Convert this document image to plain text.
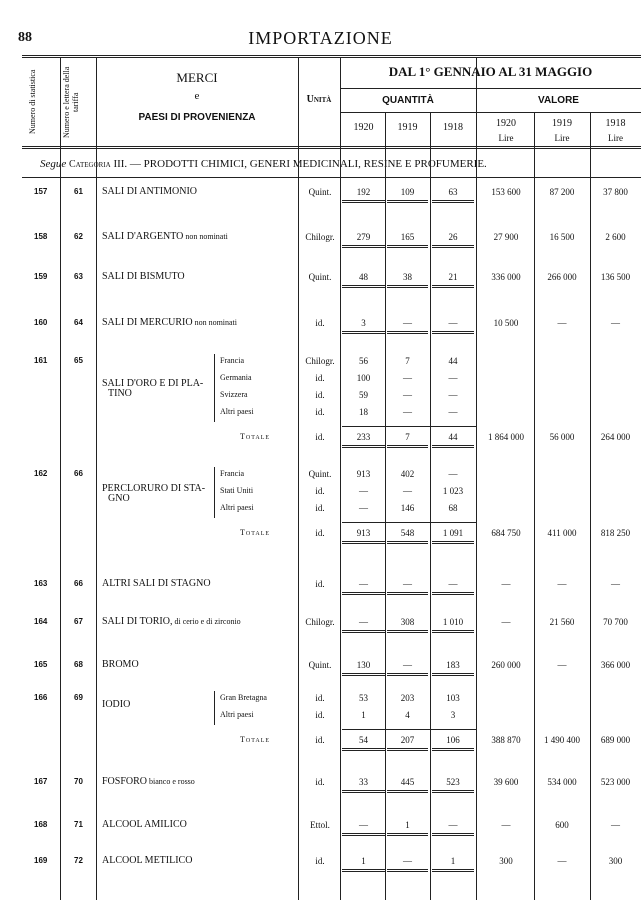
88	IMPORTAZIONE
Numero di statistica	Numero e lettera della tariffa
MERCI
e
PAESI DI PROVENIENZA
Unità
DAL 1° GENNAIO AL 31 MAGGIO
QUANTITÀ	VALORE
1920	1919	1918	1920	1919	1918
Lire	Lire	Lire
Segue Categoria III. — PRODOTTI CHIMICI, GENERI MEDICINALI, RESINE E PROFUMERIE.
157	61 SALI DI ANTIMONIO	Quint.	192	109	63	153 600	87 200	37 800
158	62 SALI D'ARGENTO non nominati	Chilogr.	279	165	26	27 900	16 500	2 600
159	63 SALI DI BISMUTO	Quint.	48	38	21	336 000	266 000	136 500
160	64 SALI DI MERCURIO non nominati	id.	3	—	—	10 500	—	—
161	65
SALI D'ORO E DI PLA-
TINO
Francia	Chilogr.	56	7	44
Germania	id.	100	—	—
Svizzera	id.	59	—	—
Altri paesi	id.	18	—	—
Totale	id.	233	7	44	1 864 000	56 000	264 000
162	66
PERCLORURO DI STA-
GNO
Francia	Quint.	913	402	—
Stati Uniti	id.	—	—	1 023
Altri paesi	id.	—	146	68
Totale	id.	913	548	1 091	684 750	411 000	818 250
163	66 ALTRI SALI DI STAGNO	id.	—	—	—	—	—	—
164	67 SALI DI TORIO, di cerio e di zirconio	Chilogr.	—	308	1 010	—	21 560	70 700
165	68 BROMO	Quint.	130	—	183	260 000	—	366 000
166	69
IODIO
Gran Bretagna	id.	53	203	103
Altri paesi	id.	1	4	3
Totale	id.	54	207	106	388 870	1 490 400	689 000
167	70 FOSFORO bianco e rosso	id.	33	445	523	39 600	534 000	523 000
168	71 ALCOOL AMILICO	Ettol.	—	1	—	—	600	—
169	72 ALCOOL METILICO	id.	1	—	1	300	—	300
